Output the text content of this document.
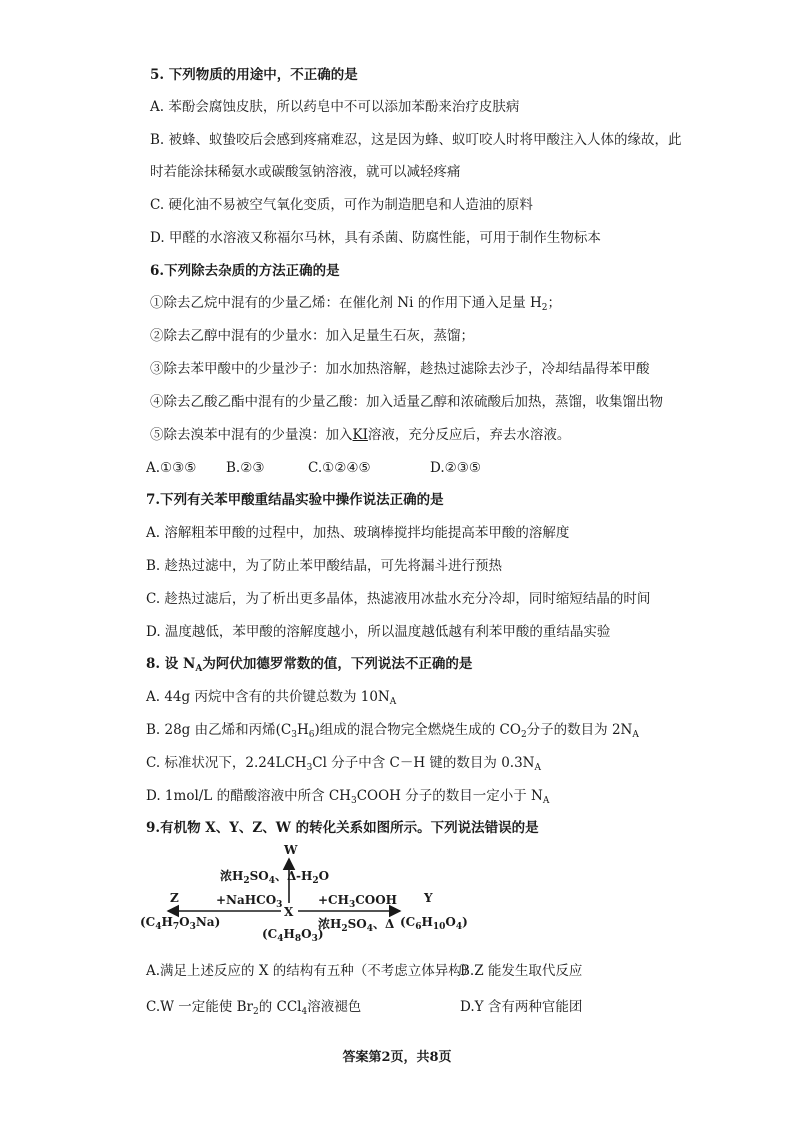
5. 下列物质的用途中，不正确的是
A. 苯酚会腐蚀皮肤，所以药皂中不可以添加苯酚来治疗皮肤病
B. 被蜂、蚁蛰咬后会感到疼痛难忍，这是因为蜂、蚁叮咬人时将甲酸注入人体的缘故，此
时若能涂抹稀氨水或碳酸氢钠溶液，就可以减轻疼痛
C. 硬化油不易被空气氧化变质，可作为制造肥皂和人造油的原料
D. 甲醛的水溶液又称福尔马林，具有杀菌、防腐性能，可用于制作生物标本
6.下列除去杂质的方法正确的是
①除去乙烷中混有的少量乙烯：在催化剂 Ni 的作用下通入足量 $H_2$；
②除去乙醇中混有的少量水：加入足量生石灰，蒸馏；
③除去苯甲酸中的少量沙子：加水加热溶解，趁热过滤除去沙子，冷却结晶得苯甲酸
④除去乙酸乙酯中混有的少量乙酸：加入适量乙醇和浓硫酸后加热，蒸馏，收集馏出物
⑤除去溴苯中混有的少量溴：加入KI溶液，充分反应后，弃去水溶液。
A.①③⑤ B.②③	C.①②④⑤	D.②③⑤
7.下列有关苯甲酸重结晶实验中操作说法正确的是
A. 溶解粗苯甲酸的过程中，加热、玻璃棒搅拌均能提高苯甲酸的溶解度
B. 趁热过滤中，为了防止苯甲酸结晶，可先将漏斗进行预热
C. 趁热过滤后，为了析出更多晶体，热滤液用冰盐水充分冷却，同时缩短结晶的时间
D. 温度越低，苯甲酸的溶解度越小，所以温度越低越有利苯甲酸的重结晶实验
8. 设 $N_A$为阿伏加德罗常数的值，下列说法不正确的是
A. 44g 丙烷中含有的共价键总数为 $10N_A$
B. 28g 由乙烯和丙烯$(C_3H_6)$组成的混合物完全燃烧生成的 $CO_2$分子的数目为 $2N_A$
C. 标准状况下，$2.24LCH_3Cl$ 分子中含 C－H 键的数目为 $0.3N_A$
D. 1mol/L 的醋酸溶液中所含 $CH_3COOH$ 分子的数目一定小于 $N_A$
9.有机物 X、Y、Z、W 的转化关系如图所示。下列说法错误的是
W
浓$H_2SO_4$、Δ $-H_2O$
Z
$(C_4H_7O_3Na)$
+NaHCO$_3$ X
$(C_4H_8O_3)$
$+CH_3COOH$
浓$H_2SO_4$、Δ
Y
$(C_6H_{10}O_4)$
A.满足上述反应的 X 的结构有五种（不考虑立体异构）
B.Z 能发生取代反应
C.W 一定能使 $Br_2$的 CCl$_4$溶液褪色	D.Y 含有两种官能团
答案第2页，共8页
